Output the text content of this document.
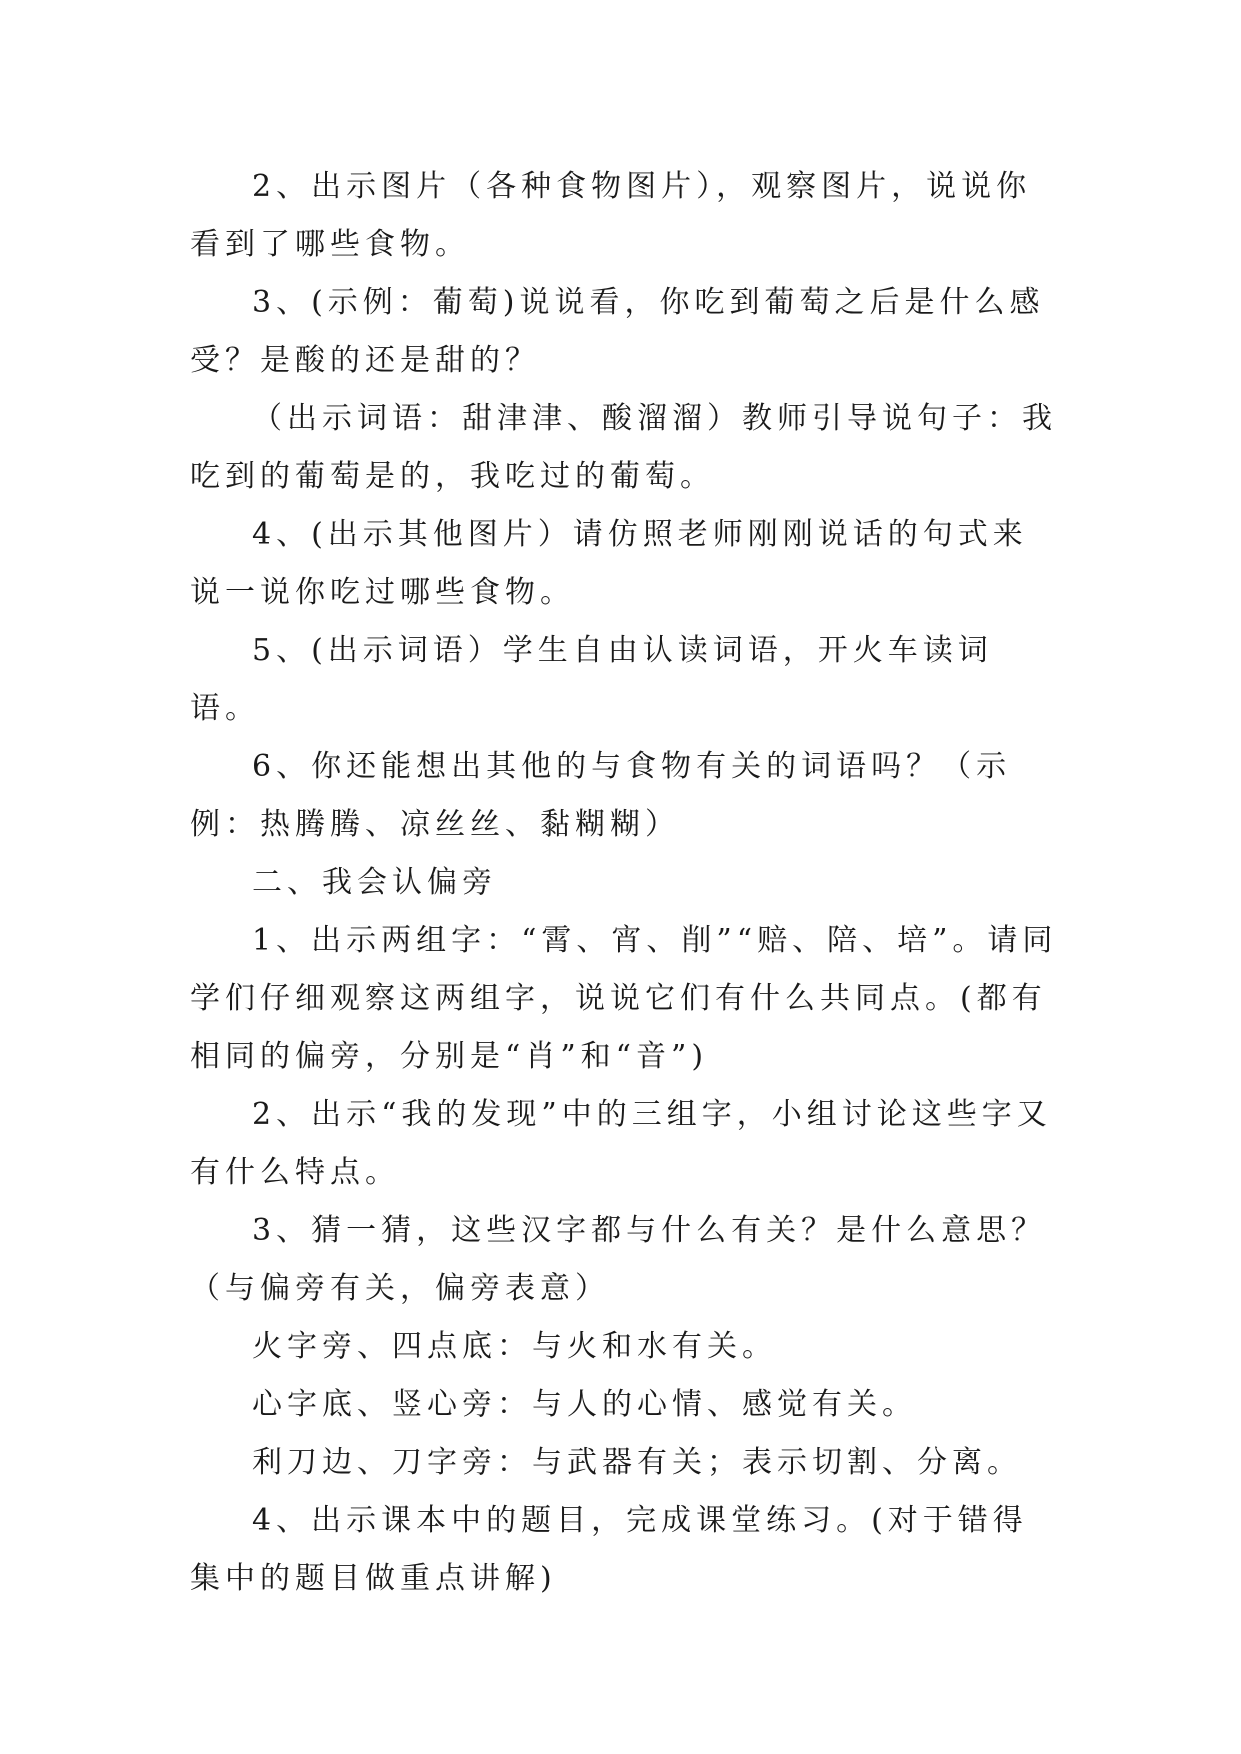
2、出示图片（各种食物图片），观察图片，说说你看到了哪些食物。

3、(示例：葡萄)说说看，你吃到葡萄之后是什么感受？是酸的还是甜的？

（出示词语：甜津津、酸溜溜）教师引导说句子：我吃到的葡萄是的，我吃过的葡萄。

4、(出示其他图片）请仿照老师刚刚说话的句式来说一说你吃过哪些食物。

5、(出示词语）学生自由认读词语，开火车读词语。

6、你还能想出其他的与食物有关的词语吗？（示例：热腾腾、凉丝丝、黏糊糊）

二、我会认偏旁

1、出示两组字：“霄、宵、削”“赔、陪、培”。请同学们仔细观察这两组字，说说它们有什么共同点。(都有相同的偏旁，分别是“肖”和“音”)

2、出示“我的发现”中的三组字，小组讨论这些字又有什么特点。

3、猜一猜，这些汉字都与什么有关？是什么意思？（与偏旁有关，偏旁表意）

火字旁、四点底：与火和水有关。

心字底、竖心旁：与人的心情、感觉有关。

利刀边、刀字旁：与武器有关；表示切割、分离。

4、出示课本中的题目，完成课堂练习。(对于错得集中的题目做重点讲解)
